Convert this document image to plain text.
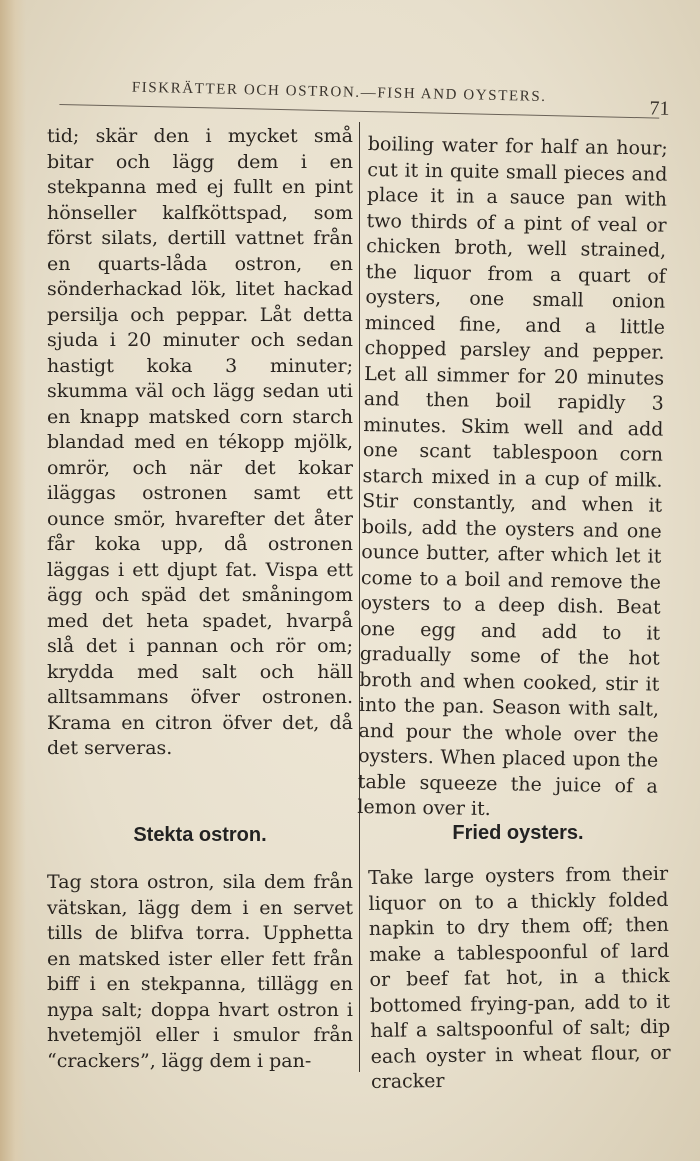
FISKRÄTTER OCH OSTRON.—FISH AND OYSTERS.
71

tid; skär den i mycket små bitar och lägg dem i en stekpanna med ej fullt en pint hönseller kalfköttspad, som först silats, dertill vattnet från en quarts-låda ostron, en sönderhackad lök, litet hackad persilja och peppar. Låt detta sjuda i 20 minuter och sedan hastigt koka 3 minuter; skumma väl och lägg sedan uti en knapp matsked corn starch blandad med en tékopp mjölk, omrör, och när det kokar iläggas ostronen samt ett ounce smör, hvarefter det åter får koka upp, då ostronen läggas i ett djupt fat. Vispa ett ägg och späd det småningom med det heta spadet, hvarpå slå det i pannan och rör om; krydda med salt och häll alltsammans öfver ostronen. Krama en citron öfver det, då det serveras.

boiling water for half an hour; cut it in quite small pieces and place it in a sauce pan with two thirds of a pint of veal or chicken broth, well strained, the liquor from a quart of oysters, one small onion minced fine, and a little chopped parsley and pepper. Let all simmer for 20 minutes and then boil rapidly 3 minutes. Skim well and add one scant tablespoon corn starch mixed in a cup of milk. Stir constantly, and when it boils, add the oysters and one ounce butter, after which let it come to a boil and remove the oysters to a deep dish. Beat one egg and add to it gradually some of the hot broth and when cooked, stir it into the pan. Season with salt, and pour the whole over the oysters. When placed upon the table squeeze the juice of a lemon over it.

Stekta ostron.	Fried oysters.

Tag stora ostron, sila dem från vätskan, lägg dem i en servet tills de blifva torra. Upphetta en matsked ister eller fett från biff i en stekpanna, tillägg en nypa salt; doppa hvart ostron i hvetemjöl eller i smulor från “crackers”, lägg dem i pan-

Take large oysters from their liquor on to a thickly folded napkin to dry them off; then make a tablespoonful of lard or beef fat hot, in a thick bottomed frying-pan, add to it half a saltspoonful of salt; dip each oyster in wheat flour, or cracker
